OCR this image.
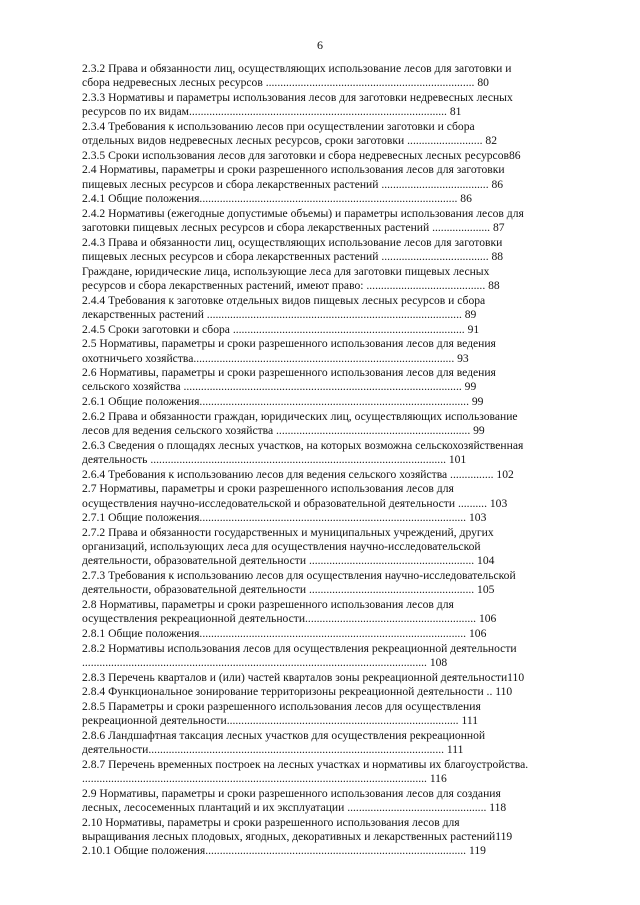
6

2.3.2 Права и обязанности лиц, осуществляющих использование лесов для заготовки и

сбора недревесных лесных ресурсов ........................................................................ 80

2.3.3 Нормативы и параметры использования лесов для заготовки недревесных лесных

ресурсов по их видам......................................................................................... 81

2.3.4 Требования к использованию лесов при осуществлении заготовки и сбора

отдельных видов недревесных лесных ресурсов, сроки заготовки .......................... 82

2.3.5 Сроки использования лесов для заготовки и сбора недревесных лесных ресурсов86

2.4 Нормативы, параметры и сроки разрешенного использования лесов для заготовки

пищевых лесных ресурсов и сбора лекарственных растений ..................................... 86

2.4.1 Общие положения......................................................................................... 86

2.4.2 Нормативы (ежегодные допустимые объемы) и параметры использования лесов для

заготовки пищевых лесных ресурсов и сбора лекарственных растений .................... 87

2.4.3 Права и обязанности лиц, осуществляющих использование лесов для заготовки

пищевых лесных ресурсов и сбора лекарственных растений ..................................... 88

Граждане, юридические лица, использующие леса для заготовки пищевых лесных

ресурсов и сбора лекарственных растений, имеют право: ......................................... 88

2.4.4 Требования к заготовке отдельных видов пищевых лесных ресурсов и сбора

лекарственных растений ........................................................................................ 89

2.4.5 Сроки заготовки и сбора ................................................................................ 91

2.5 Нормативы, параметры и сроки разрешенного использования лесов для ведения

охотничьего хозяйства.......................................................................................... 93

2.6 Нормативы, параметры и сроки разрешенного использования лесов для ведения

сельского хозяйства ................................................................................................ 99

2.6.1 Общие положения............................................................................................. 99

2.6.2 Права и обязанности граждан, юридических лиц, осуществляющих использование

лесов для ведения сельского хозяйства ................................................................... 99

2.6.3 Сведения о площадях лесных участков, на которых возможна сельскохозяйственная

деятельность ...................................................................................................... 101

2.6.4 Требования к использованию лесов для ведения сельского хозяйства ............... 102

2.7 Нормативы, параметры и сроки разрешенного использования лесов для

осуществления научно-исследовательской и образовательной деятельности .......... 103

2.7.1 Общие положения............................................................................................ 103

2.7.2 Права и обязанности государственных и муниципальных учреждений, других

организаций, использующих леса для осуществления научно-исследовательской

деятельности, образовательной деятельности ......................................................... 104

2.7.3 Требования к использованию лесов для осуществления научно-исследовательской

деятельности, образовательной деятельности ......................................................... 105

2.8 Нормативы, параметры и сроки разрешенного использования лесов для

осуществления рекреационной деятельности........................................................... 106

2.8.1 Общие положения............................................................................................ 106

2.8.2 Нормативы использования лесов для осуществления рекреационной деятельности

....................................................................................................................... 108

2.8.3 Перечень кварталов и (или) частей кварталов зоны рекреационной деятельности110

2.8.4 Функциональное зонирование территоризоны рекреационной деятельности .. 110

2.8.5 Параметры и сроки разрешенного использования лесов для осуществления

рекреационной деятельности................................................................................ 111

2.8.6 Ландшафтная таксация лесных участков для осуществления рекреационной

деятельности...................................................................................................... 111

2.8.7 Перечень временных построек на лесных участках и нормативы их благоустройства.

....................................................................................................................... 116

2.9 Нормативы, параметры и сроки разрешенного использования лесов для создания

лесных, лесосеменных плантаций и их эксплуатации ................................................ 118

2.10 Нормативы, параметры и сроки разрешенного использования лесов для

выращивания лесных плодовых, ягодных, декоративных и лекарственных растений119

2.10.1 Общие положения.......................................................................................... 119
